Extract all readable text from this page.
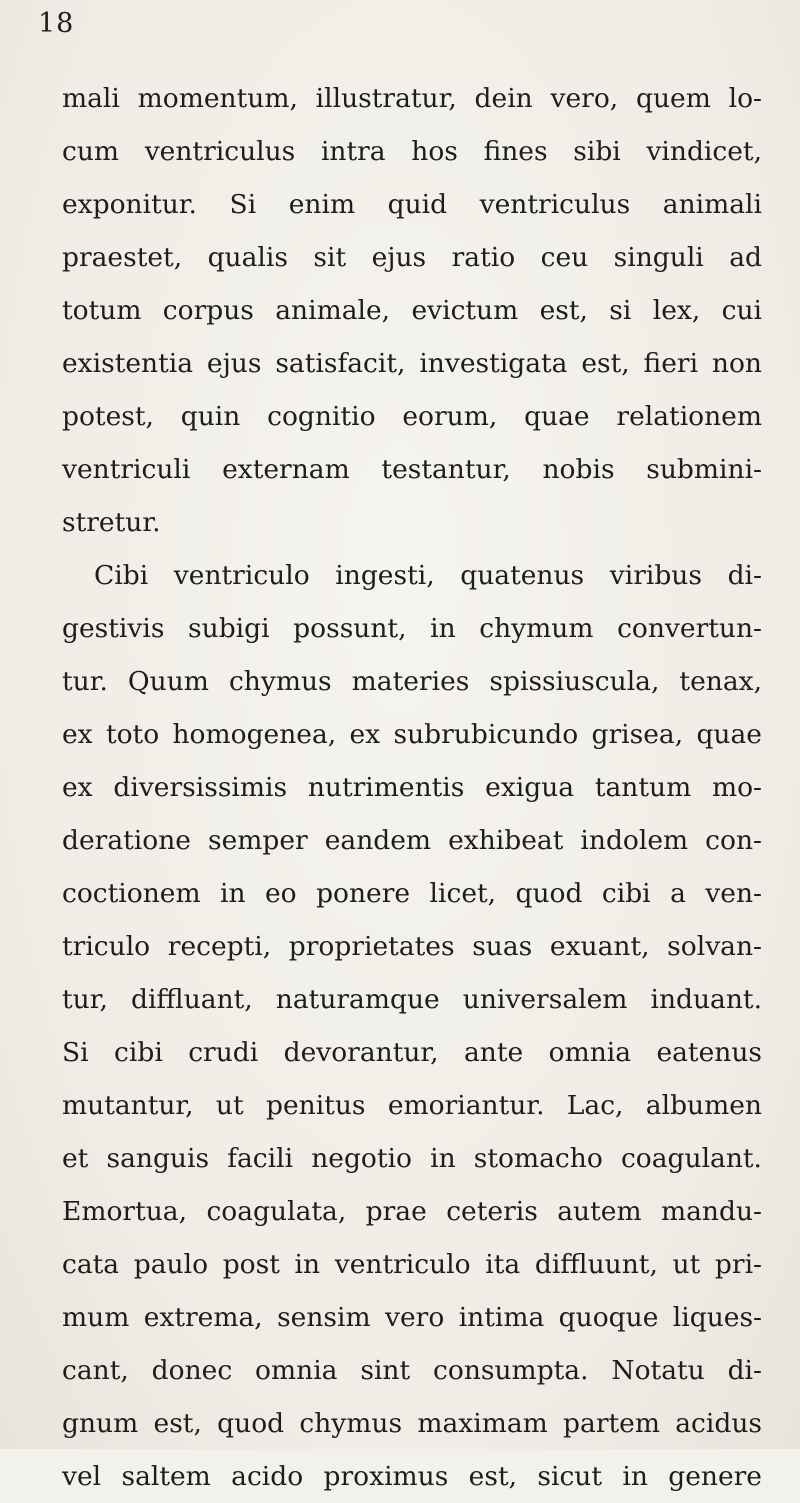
18
mali momentum, illustratur, dein vero, quem lo-
cum ventriculus intra hos fines sibi vindicet,
exponitur. Si enim quid ventriculus animali
praestet, qualis sit ejus ratio ceu singuli ad
totum corpus animale, evictum est, si lex, cui
existentia ejus satisfacit, investigata est, fieri non
potest, quin cognitio eorum, quae relationem
ventriculi externam testantur, nobis submini-
stretur.
Cibi ventriculo ingesti, quatenus viribus di-
gestivis subigi possunt, in chymum convertun-
tur. Quum chymus materies spissiuscula, tenax,
ex toto homogenea, ex subrubicundo grisea, quae
ex diversissimis nutrimentis exigua tantum mo-
deratione semper eandem exhibeat indolem con-
coctionem in eo ponere licet, quod cibi a ven-
triculo recepti, proprietates suas exuant, solvan-
tur, diffluant, naturamque universalem induant.
Si cibi crudi devorantur, ante omnia eatenus
mutantur, ut penitus emoriantur. Lac, albumen
et sanguis facili negotio in stomacho coagulant.
Emortua, coagulata, prae ceteris autem mandu-
cata paulo post in ventriculo ita diffluunt, ut pri-
mum extrema, sensim vero intima quoque liques-
cant, donec omnia sint consumpta. Notatu di-
gnum est, quod chymus maximam partem acidus
vel saltem acido proximus est, sicut in genere
